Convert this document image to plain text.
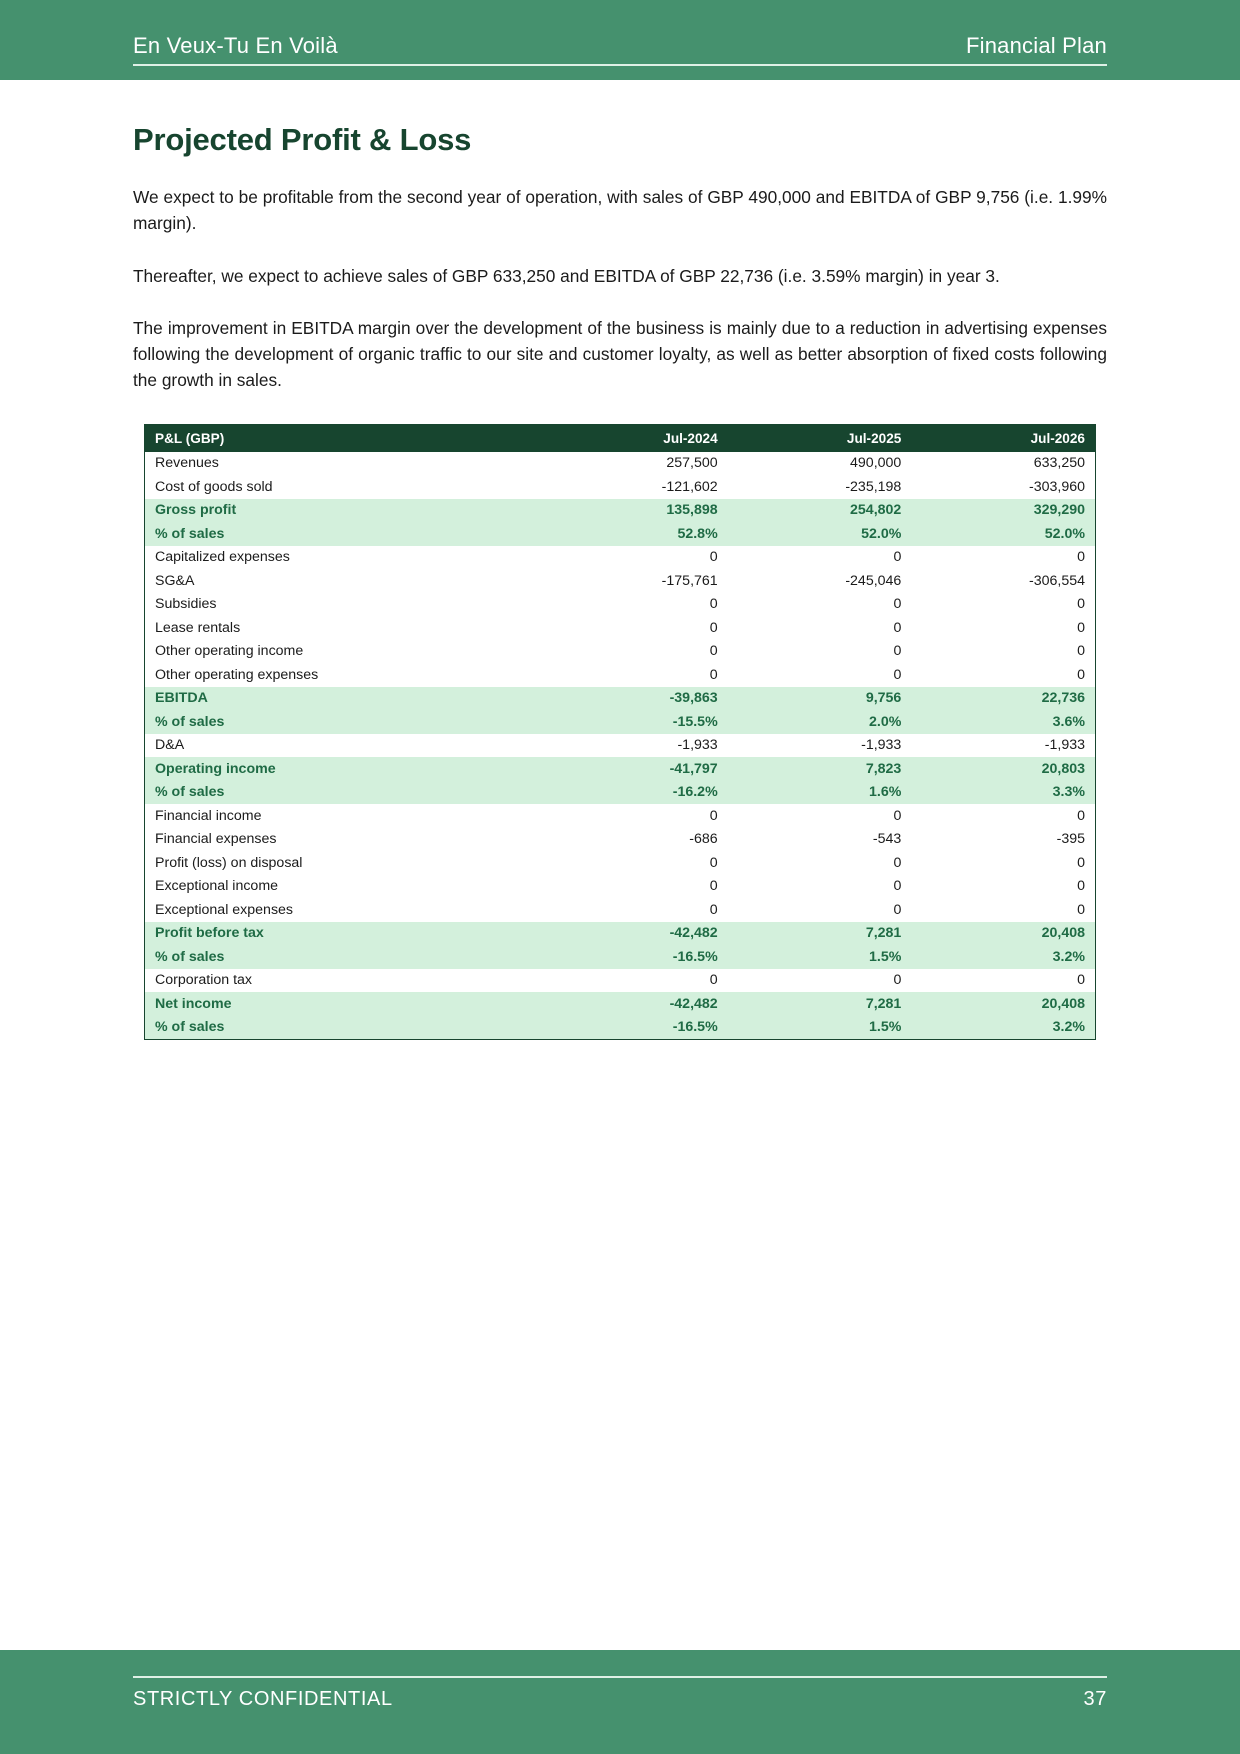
En Veux-Tu En Voilà	Financial Plan
Projected Profit & Loss

We expect to be profitable from the second year of operation, with sales of GBP 490,000 and EBITDA of GBP 9,756 (i.e. 1.99% margin).

Thereafter, we expect to achieve sales of GBP 633,250 and EBITDA of GBP 22,736 (i.e. 3.59% margin) in year 3.

The improvement in EBITDA margin over the development of the business is mainly due to a reduction in advertising expenses following the development of organic traffic to our site and customer loyalty, as well as better absorption of fixed costs following the growth in sales.

P&L (GBP)	Jul-2024	Jul-2025	Jul-2026
Revenues	257,500	490,000	633,250
Cost of goods sold	-121,602	-235,198	-303,960
Gross profit	135,898	254,802	329,290
% of sales	52.8%	52.0%	52.0%
Capitalized expenses	0	0	0
SG&A	-175,761	-245,046	-306,554
Subsidies	0	0	0
Lease rentals	0	0	0
Other operating income	0	0	0
Other operating expenses	0	0	0
EBITDA	-39,863	9,756	22,736
% of sales	-15.5%	2.0%	3.6%
D&A	-1,933	-1,933	-1,933
Operating income	-41,797	7,823	20,803
% of sales	-16.2%	1.6%	3.3%
Financial income	0	0	0
Financial expenses	-686	-543	-395
Profit (loss) on disposal	0	0	0
Exceptional income	0	0	0
Exceptional expenses	0	0	0
Profit before tax	-42,482	7,281	20,408
% of sales	-16.5%	1.5%	3.2%
Corporation tax	0	0	0
Net income	-42,482	7,281	20,408
% of sales	-16.5%	1.5%	3.2%
STRICTLY CONFIDENTIAL	37
